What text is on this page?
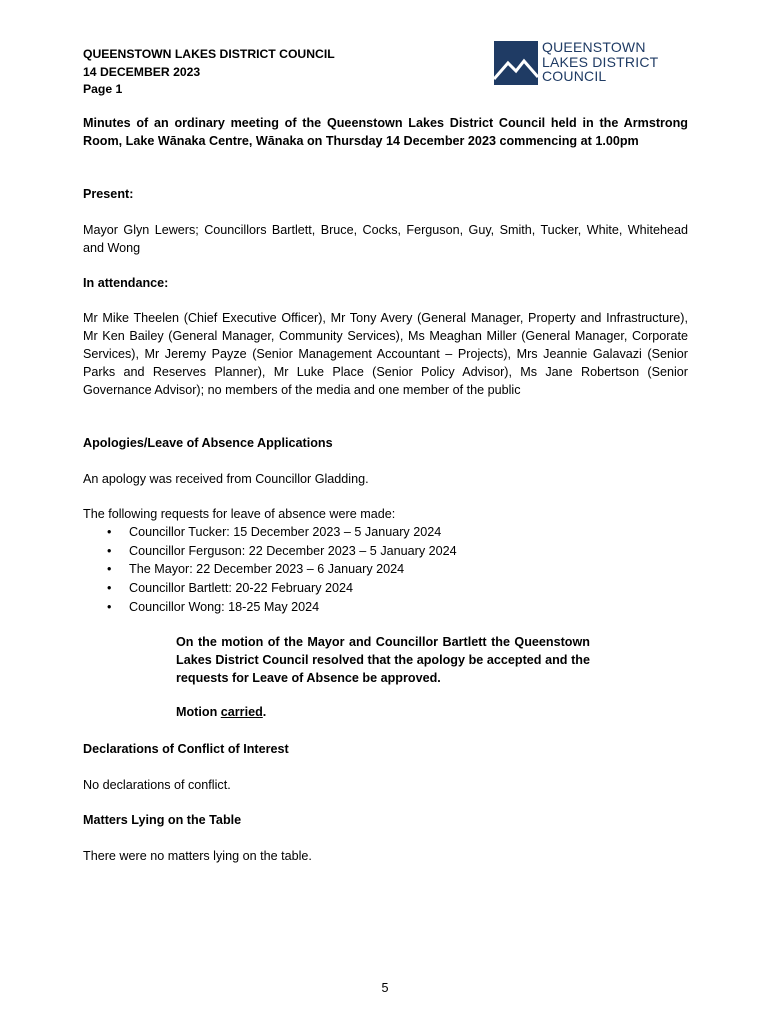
QUEENSTOWN LAKES DISTRICT COUNCIL
14 DECEMBER 2023
Page 1
QUEENSTOWN
LAKES DISTRICT
COUNCIL
Minutes of an ordinary meeting of the Queenstown Lakes District Council held in the Armstrong Room, Lake Wānaka Centre, Wānaka on Thursday 14 December 2023 commencing at 1.00pm
Present:
Mayor Glyn Lewers; Councillors Bartlett, Bruce, Cocks, Ferguson, Guy, Smith, Tucker, White, Whitehead and Wong
In attendance:
Mr Mike Theelen (Chief Executive Officer), Mr Tony Avery (General Manager, Property and Infrastructure), Mr Ken Bailey (General Manager, Community Services), Ms Meaghan Miller (General Manager, Corporate Services), Mr Jeremy Payze (Senior Management Accountant – Projects), Mrs Jeannie Galavazi (Senior Parks and Reserves Planner), Mr Luke Place (Senior Policy Advisor), Ms Jane Robertson (Senior Governance Advisor); no members of the media and one member of the public
Apologies/Leave of Absence Applications
An apology was received from Councillor Gladding.
The following requests for leave of absence were made:
• Councillor Tucker: 15 December 2023 – 5 January 2024
• Councillor Ferguson: 22 December 2023 – 5 January 2024
• The Mayor: 22 December 2023 – 6 January 2024
• Councillor Bartlett: 20-22 February 2024
• Councillor Wong: 18-25 May 2024
On the motion of the Mayor and Councillor Bartlett the Queenstown Lakes District Council resolved that the apology be accepted and the requests for Leave of Absence be approved.
Motion carried.
Declarations of Conflict of Interest
No declarations of conflict.
Matters Lying on the Table
There were no matters lying on the table.
5
